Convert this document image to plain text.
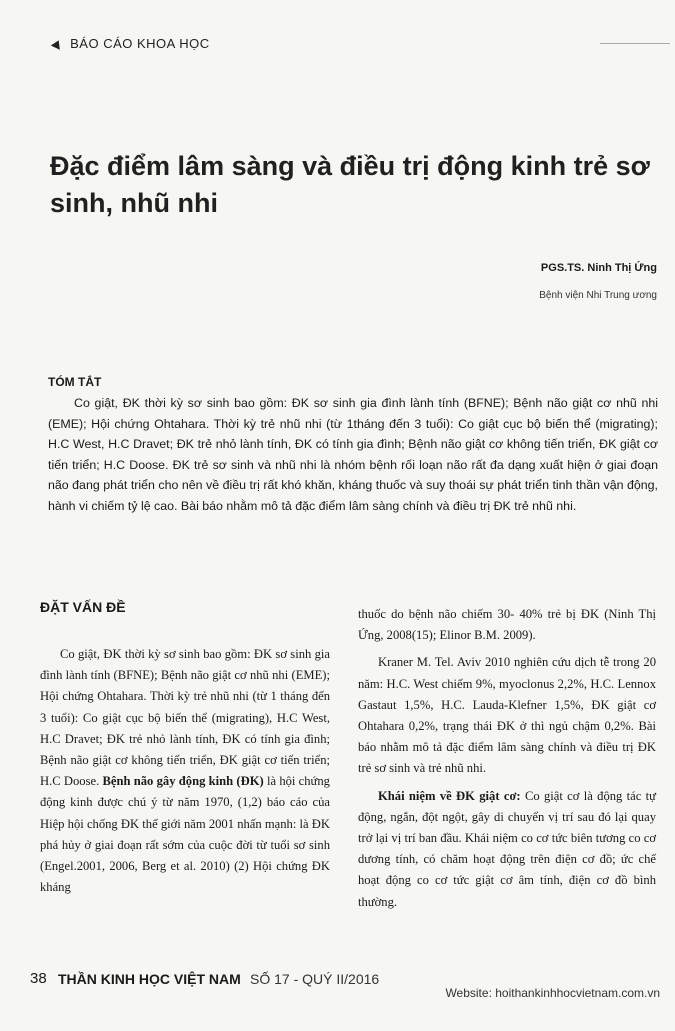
BÁO CÁO KHOA HỌC
Đặc điểm lâm sàng và điều trị động kinh trẻ sơ sinh, nhũ nhi
PGS.TS. Ninh Thị Ứng
Bệnh viện Nhi Trung ương
TÓM TẮT
Co giật, ĐK thời kỳ sơ sinh bao gồm: ĐK sơ sinh gia đình lành tính (BFNE); Bệnh não giật cơ nhũ nhi (EME); Hội chứng Ohtahara. Thời kỳ trẻ nhũ nhi (từ 1tháng đến 3 tuổi): Co giật cục bộ biến thể (migrating); H.C West, H.C Dravet; ĐK trẻ nhỏ lành tính, ĐK có tính gia đình; Bệnh não giật cơ không tiến triển, ĐK giật cơ tiến triển; H.C Doose. ĐK trẻ sơ sinh và nhũ nhi là nhóm bệnh rối loạn não rất đa dạng xuất hiện ở giai đoạn não đang phát triển cho nên về điều trị rất khó khăn, kháng thuốc và suy thoái sự phát triển tinh thần vận động, hành vi chiếm tỷ lệ cao. Bài báo nhằm mô tả đặc điểm lâm sàng chính và điều trị ĐK trẻ nhũ nhi.
ĐẶT VẤN ĐỀ

Co giật, ĐK thời kỳ sơ sinh bao gồm: ĐK sơ sinh gia đình lành tính (BFNE); Bệnh não giật cơ nhũ nhi (EME); Hội chứng Ohtahara. Thời kỳ trẻ nhũ nhi (từ 1 tháng đến 3 tuổi): Co giật cục bộ biến thể (migrating), H.C West, H.C Dravet; ĐK trẻ nhỏ lành tính, ĐK có tính gia đình; Bệnh não giật cơ không tiến triển, ĐK giật cơ tiến triển; H.C Doose. Bệnh não gây động kinh (ĐK) là hội chứng động kinh được chú ý từ năm 1970, (1,2) báo cáo của Hiệp hội chống ĐK thế giới năm 2001 nhấn mạnh: là ĐK phá hủy ở giai đoạn rất sớm của cuộc đời từ tuổi sơ sinh (Engel.2001, 2006, Berg et al. 2010) (2) Hội chứng ĐK kháng

thuốc do bệnh não chiếm 30- 40% trẻ bị ĐK (Ninh Thị Ứng, 2008(15); Elinor B.M. 2009).

Kraner M. Tel. Aviv 2010 nghiên cứu dịch tễ trong 20 năm: H.C. West chiếm 9%, myoclonus 2,2%, H.C. Lennox Gastaut 1,5%, H.C. Lauda-Klefner 1,5%, ĐK giật cơ Ohtahara 0,2%, trạng thái ĐK ở thì ngủ chậm 0,2%. Bài báo nhằm mô tả đặc điểm lâm sàng chính và điều trị ĐK trẻ sơ sinh và trẻ nhũ nhi.

Khái niệm về ĐK giật cơ: Co giật cơ là động tác tự động, ngắn, đột ngột, gây di chuyển vị trí sau đó lại quay trở lại vị trí ban đầu. Khái niệm co cơ tức biên tương co cơ dương tính, có chăm hoạt động trên điện cơ đồ; ức chế hoạt động co cơ tức giật cơ âm tính, điện cơ đồ bình thường.

38 THẦN KINH HỌC VIỆT NAM SỐ 17 - QUÝ II/2016
Website: hoithankinhhocvietnam.com.vn
